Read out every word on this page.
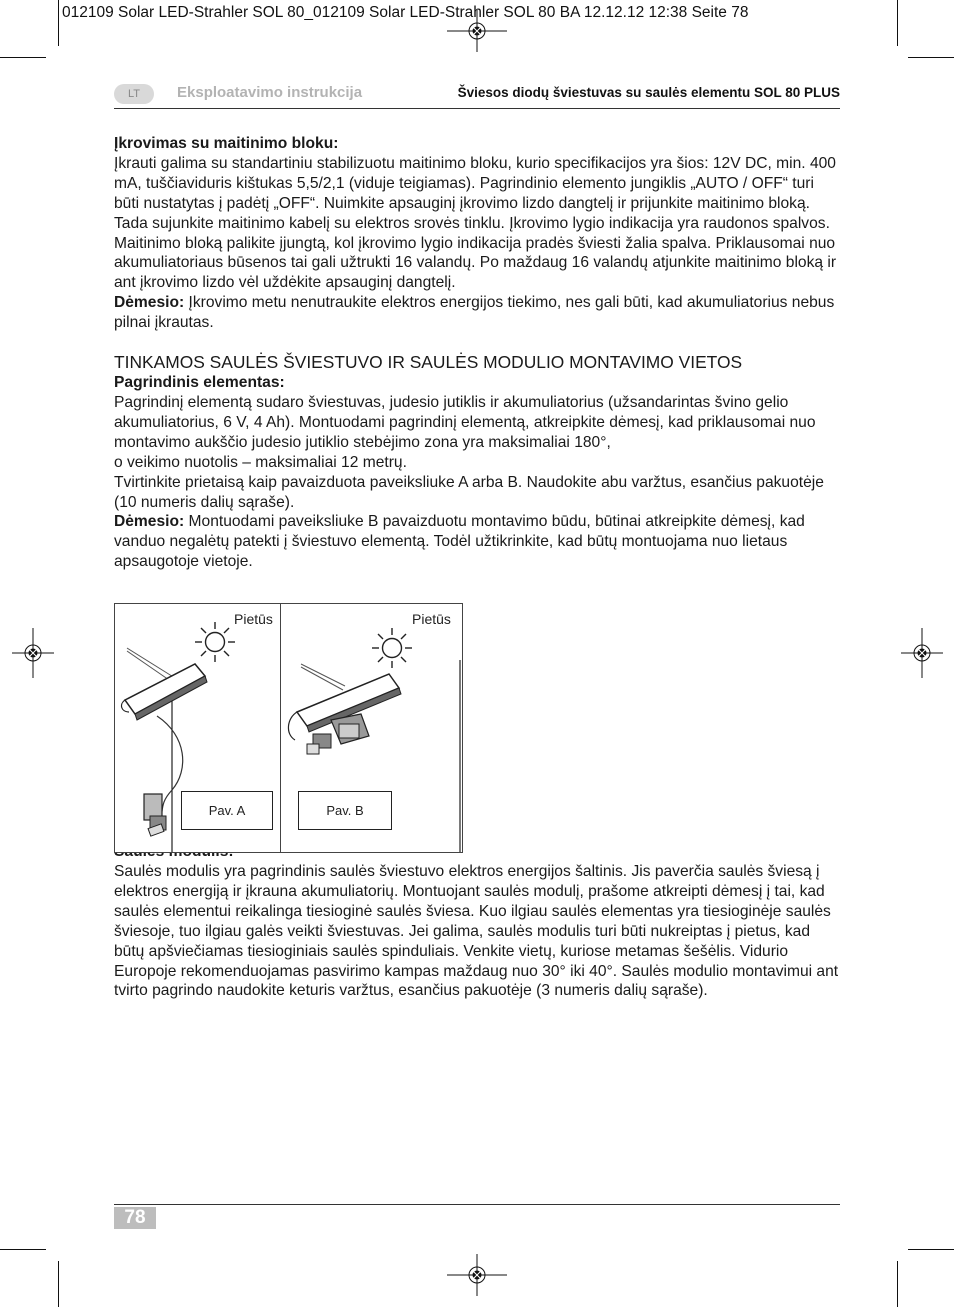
012109 Solar LED-Strahler SOL 80_012109 Solar LED-Strahler SOL 80 BA 12.12.12 12:38 Seite 78
LT	Eksploatavimo instrukcija	Šviesos diodų šviestuvas su saulės elementu SOL 80 PLUS

Įkrovimas su maitinimo bloku:

Įkrauti galima su standartiniu stabilizuotu maitinimo bloku, kurio specifikacijos yra šios: 12V DC, min. 400 mA, tuščiaviduris kištukas 5,5/2,1 (viduje teigiamas). Pagrindinio elemento jungiklis „AUTO / OFF“ turi būti nustatytas į padėtį „OFF“. Nuimkite apsauginį įkrovimo lizdo dangtelį ir prijunkite maitinimo bloką. Tada sujunkite maitinimo kabelį su elektros srovės tinklu. Įkrovimo lygio indikacija yra raudonos spalvos. Maitinimo bloką palikite įjungtą, kol įkrovimo lygio indikacija pradės šviesti žalia spalva. Priklausomai nuo akumuliatoriaus būsenos tai gali užtrukti 16 valandų. Po maždaug 16 valandų atjunkite maitinimo bloką ir ant įkrovimo lizdo vėl uždėkite apsauginį dangtelį.

Dėmesio: Įkrovimo metu nenutraukite elektros energijos tiekimo, nes gali būti, kad akumuliatorius nebus pilnai įkrautas.

TINKAMOS SAULĖS ŠVIESTUVO IR SAULĖS MODULIO MONTAVIMO VIETOS

Pagrindinis elementas:

Pagrindinį elementą sudaro šviestuvas, judesio jutiklis ir akumuliatorius (užsandarintas švino gelio akumuliatorius, 6 V, 4 Ah). Montuodami pagrindinį elementą, atkreipkite dėmesį, kad priklausomai nuo montavimo aukščio judesio jutiklio stebėjimo zona yra maksimaliai 180°,

o veikimo nuotolis – maksimaliai 12 metrų.

Tvirtinkite prietaisą kaip pavaizduota paveiksliuke A arba B. Naudokite abu varžtus, esančius pakuotėje (10 numeris dalių sąraše).

Dėmesio: Montuodami paveiksliuke B pavaizduotu montavimo būdu, būtinai atkreipkite dėmesį, kad vanduo negalėtų patekti į šviestuvo elementą. Todėl užtikrinkite, kad būtų montuojama nuo lietaus apsaugotoje vietoje.

Saulės modulis yra pagrindinis saulės šviestuvo elektros energijos šaltinis. Jis paverčia saulės šviesą į elektros energiją ir įkrauna akumuliatorių. Montuojant saulės modulį, prašome atkreipti dėmesį į tai, kad saulės elementui reikalinga tiesioginė saulės šviesa. Kuo ilgiau saulės elementas yra tiesioginėje saulės šviesoje, tuo ilgiau galės veikti šviestuvas. Jei galima, saulės modulis turi būti nukreiptas į pietus, kad būtų apšviečiamas tiesioginiais saulės spinduliais. Venkite vietų, kuriose metamas šešėlis. Vidurio Europoje rekomenduojamas pasvirimo kampas maždaug nuo 30° iki 40°. Saulės modulio montavimui ant tvirto pagrindo naudokite keturis varžtus, esančius pakuotėje (3 numeris dalių sąraše).

Pietūs
Pav. A
Pietūs
Pav. B
78
